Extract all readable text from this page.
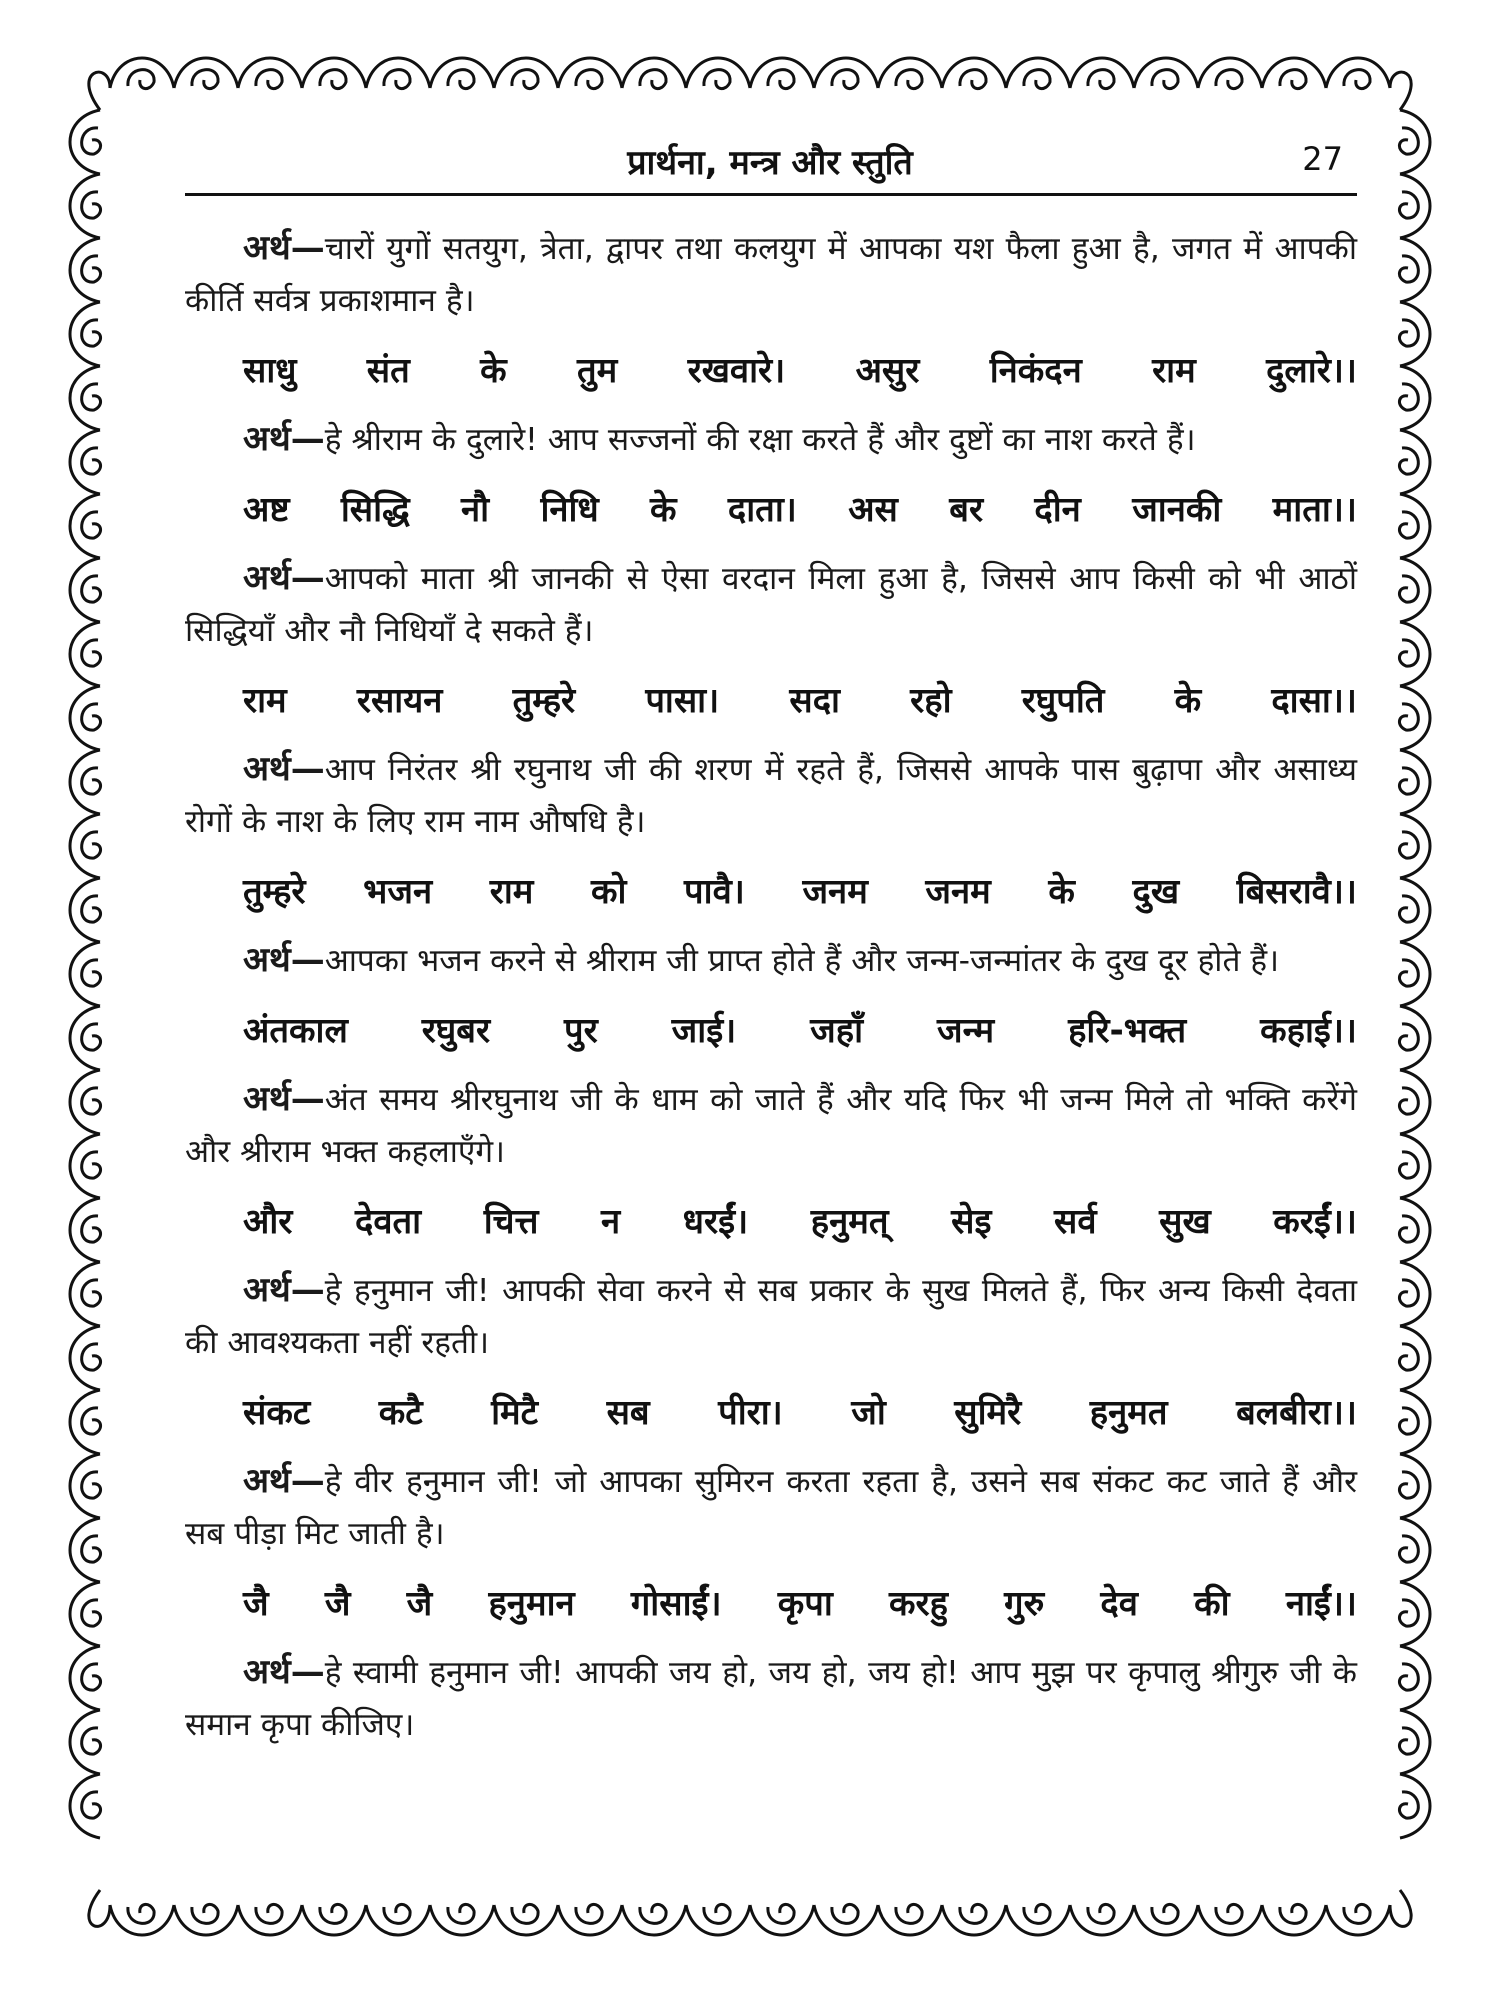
प्रार्थना, मन्त्र और स्तुति	27

अर्थ—चारों युगों सतयुग, त्रेता, द्वापर तथा कलयुग में आपका यश फैला हुआ है, जगत में आपकी कीर्ति सर्वत्र प्रकाशमान है।

साधु संत के तुम रखवारे। असुर निकंदन राम दुलारे।।

अर्थ—हे श्रीराम के दुलारे! आप सज्जनों की रक्षा करते हैं और दुष्टों का नाश करते हैं।

अष्ट सिद्धि नौ निधि के दाता। अस बर दीन जानकी माता।।

अर्थ—आपको माता श्री जानकी से ऐसा वरदान मिला हुआ है, जिससे आप किसी को भी आठों सिद्धियाँ और नौ निधियाँ दे सकते हैं।

राम रसायन तुम्हरे पासा। सदा रहो रघुपति के दासा।।

अर्थ—आप निरंतर श्री रघुनाथ जी की शरण में रहते हैं, जिससे आपके पास बुढ़ापा और असाध्य रोगों के नाश के लिए राम नाम औषधि है।

तुम्हरे भजन राम को पावै। जनम जनम के दुख बिसरावै।।

अर्थ—आपका भजन करने से श्रीराम जी प्राप्त होते हैं और जन्म-जन्मांतर के दुख दूर होते हैं।

अंतकाल रघुबर पुर जाई। जहाँ जन्म हरि-भक्त कहाई।।

अर्थ—अंत समय श्रीरघुनाथ जी के धाम को जाते हैं और यदि फिर भी जन्म मिले तो भक्ति करेंगे और श्रीराम भक्त कहलाएँगे।

और देवता चित्त न धरईं। हनुमत् सेइ सर्व सुख करईं।।

अर्थ—हे हनुमान जी! आपकी सेवा करने से सब प्रकार के सुख मिलते हैं, फिर अन्य किसी देवता की आवश्यकता नहीं रहती।

संकट कटै मिटै सब पीरा। जो सुमिरै हनुमत बलबीरा।।

अर्थ—हे वीर हनुमान जी! जो आपका सुमिरन करता रहता है, उसने सब संकट कट जाते हैं और सब पीड़ा मिट जाती है।

जै जै जै हनुमान गोसाईं। कृपा करहु गुरु देव की नाईं।।

अर्थ—हे स्वामी हनुमान जी! आपकी जय हो, जय हो, जय हो! आप मुझ पर कृपालु श्रीगुरु जी के समान कृपा कीजिए।
